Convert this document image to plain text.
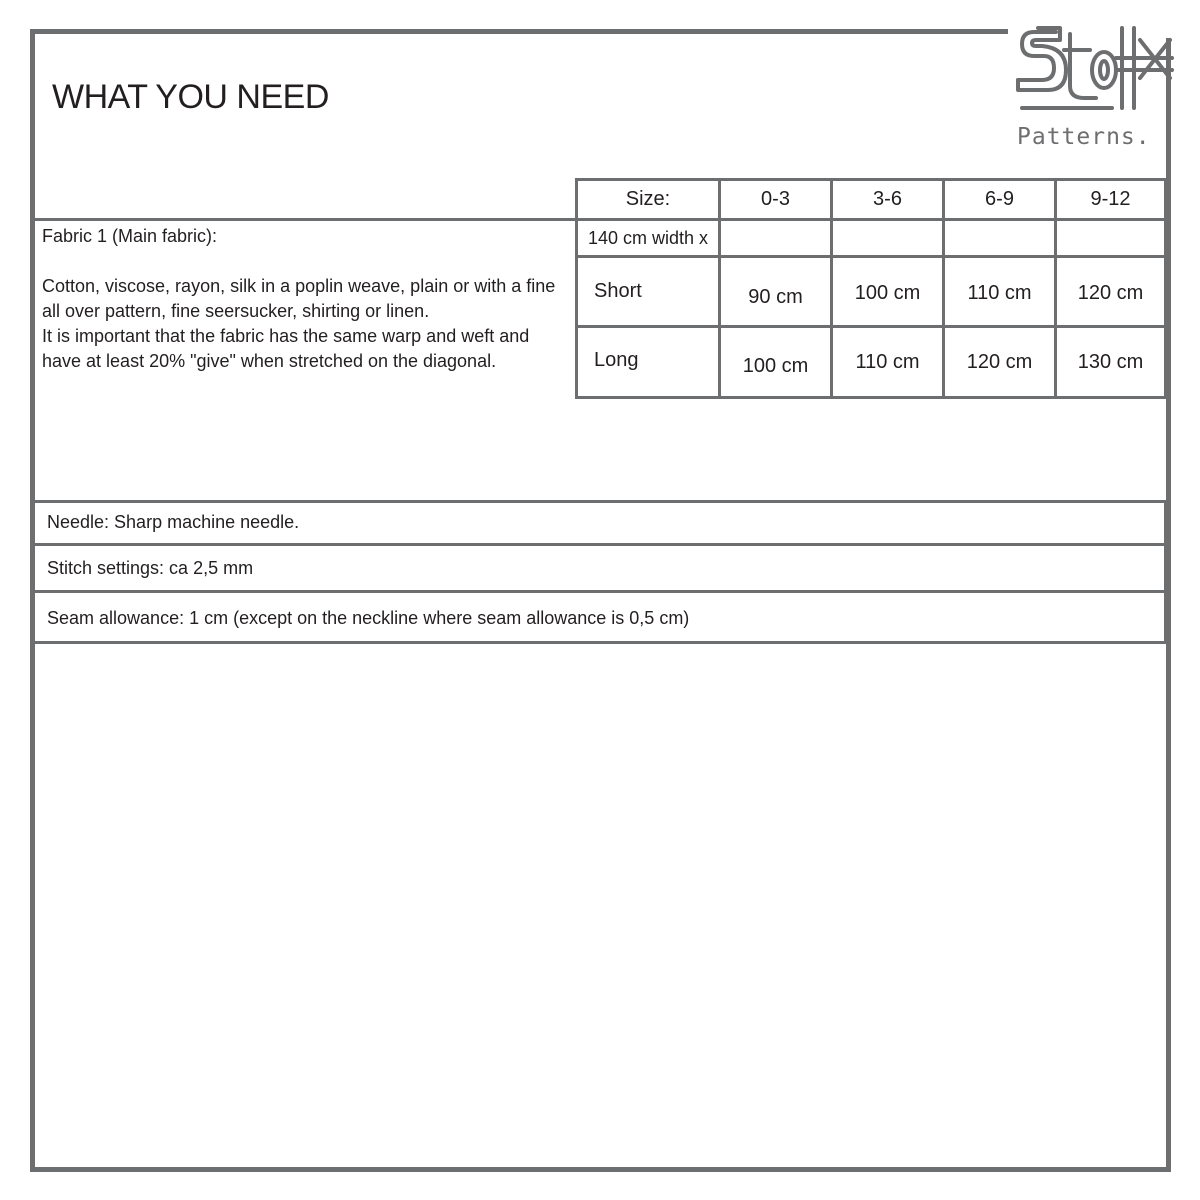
Patterns.
WHAT YOU NEED
Fabric 1 (Main fabric):

Cotton, viscose, rayon, silk in a poplin weave, plain or with a fine all over pattern, fine seersucker, shirting or linen.

It is important that the fabric has the same warp and weft and have at least 20% "give" when stretched on the diagonal.

Size:	0-3	3-6	6-9	9-12
140 cm width x
Short	90 cm	100 cm	110 cm	120 cm
Long	100 cm	110 cm	120 cm	130 cm
Needle: Sharp machine needle.
Stitch settings: ca 2,5 mm
Seam allowance: 1 cm (except on the neckline where seam allowance is 0,5 cm)
